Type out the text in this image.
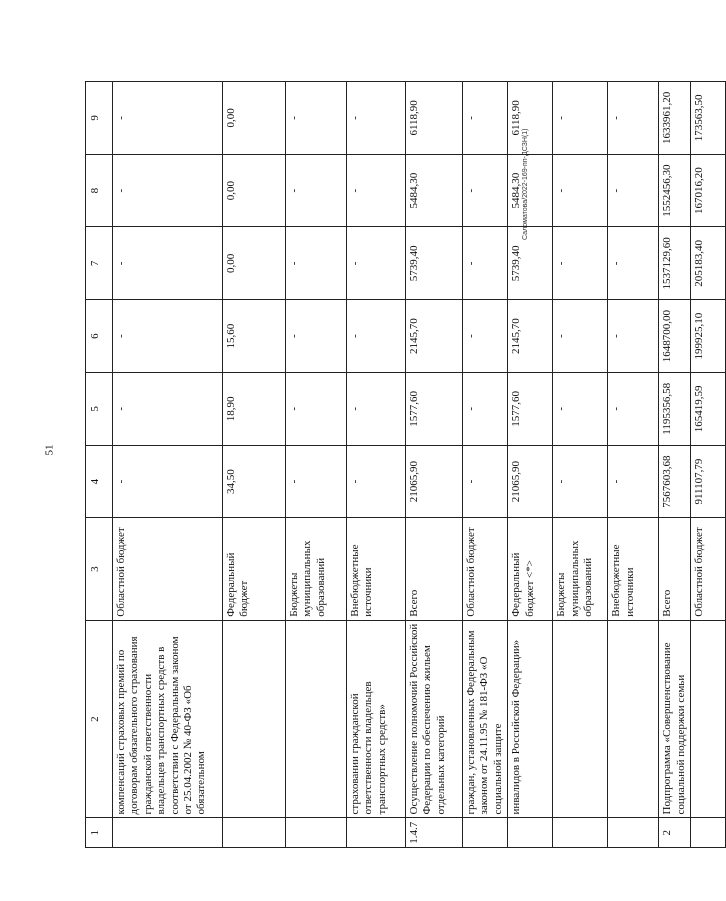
51
Саломатова/2022-169-пп-ДСЗН(1)
1	2	3	4	5	6	7	8	9
	компенсаций страховых премий по договорам обязательного страхования гражданской ответственности владельцев транспортных средств в соответствии с Федеральным законом от 25.04.2002 № 40-ФЗ «Об обязательном	Областной бюджет	-	-	-	-	-	-
		Федеральный бюджет	34,50	18,90	15,60	0,00	0,00	0,00
		Бюджеты муниципальных образований	-	-	-	-	-	-
	страховании гражданской ответственности владельцев транспортных средств»	Внебюджетные источники	-	-	-	-	-	-
1.4.7	Осуществление полномочий Российской Федерации по обеспечению жильем отдельных категорий	Всего	21065,90	1577,60	2145,70	5739,40	5484,30	6118,90
	граждан, установленных Федеральным законом от 24.11.95 № 181-ФЗ «О социальной защите	Областной бюджет	-	-	-	-	-	-
	инвалидов в Российской Федерации»	Федеральный бюджет <*>	21065,90	1577,60	2145,70	5739,40	5484,30	6118,90
		Бюджеты муниципальных образований	-	-	-	-	-	-
		Внебюджетные источники	-	-	-	-	-	-
2	Подпрограмма «Совершенствование социальной поддержки семьи	Всего	7567603,68	1195356,58	1648700,00	1537129,60	1552456,30	1633961,20
		Областной бюджет	911107,79	165419,59	199925,10	205183,40	167016,20	173563,50
